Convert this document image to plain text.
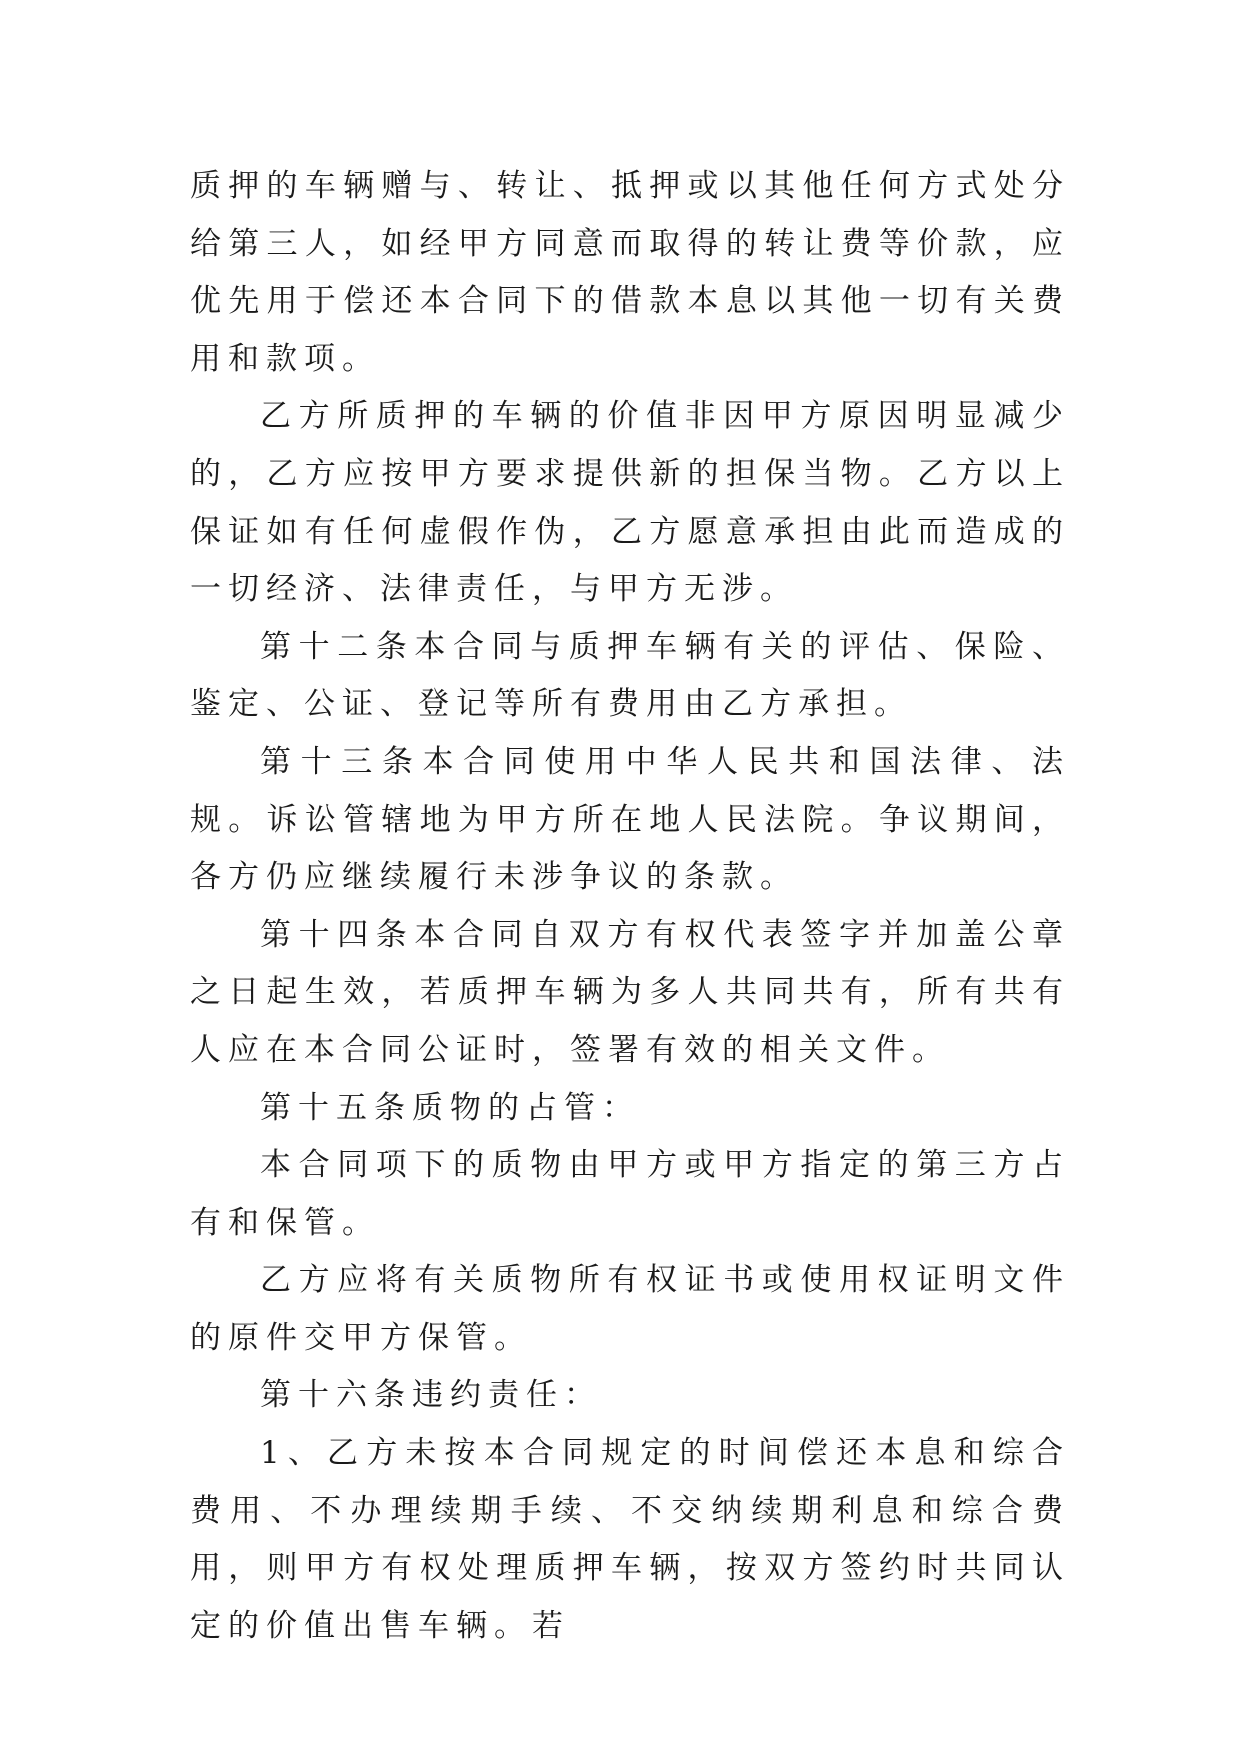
质押的车辆赠与、转让、抵押或以其他任何方式处分给第三人，如经甲方同意而取得的转让费等价款，应优先用于偿还本合同下的借款本息以其他一切有关费用和款项。

乙方所质押的车辆的价值非因甲方原因明显减少的，乙方应按甲方要求提供新的担保当物。乙方以上保证如有任何虚假作伪，乙方愿意承担由此而造成的一切经济、法律责任，与甲方无涉。

第十二条本合同与质押车辆有关的评估、保险、鉴定、公证、登记等所有费用由乙方承担。

第十三条本合同使用中华人民共和国法律、法规。诉讼管辖地为甲方所在地人民法院。争议期间，各方仍应继续履行未涉争议的条款。

第十四条本合同自双方有权代表签字并加盖公章之日起生效，若质押车辆为多人共同共有，所有共有人应在本合同公证时，签署有效的相关文件。

第十五条质物的占管：

本合同项下的质物由甲方或甲方指定的第三方占有和保管。

乙方应将有关质物所有权证书或使用权证明文件的原件交甲方保管。

第十六条违约责任：

1、乙方未按本合同规定的时间偿还本息和综合费用、不办理续期手续、不交纳续期利息和综合费用，则甲方有权处理质押车辆，按双方签约时共同认定的价值出售车辆。若
